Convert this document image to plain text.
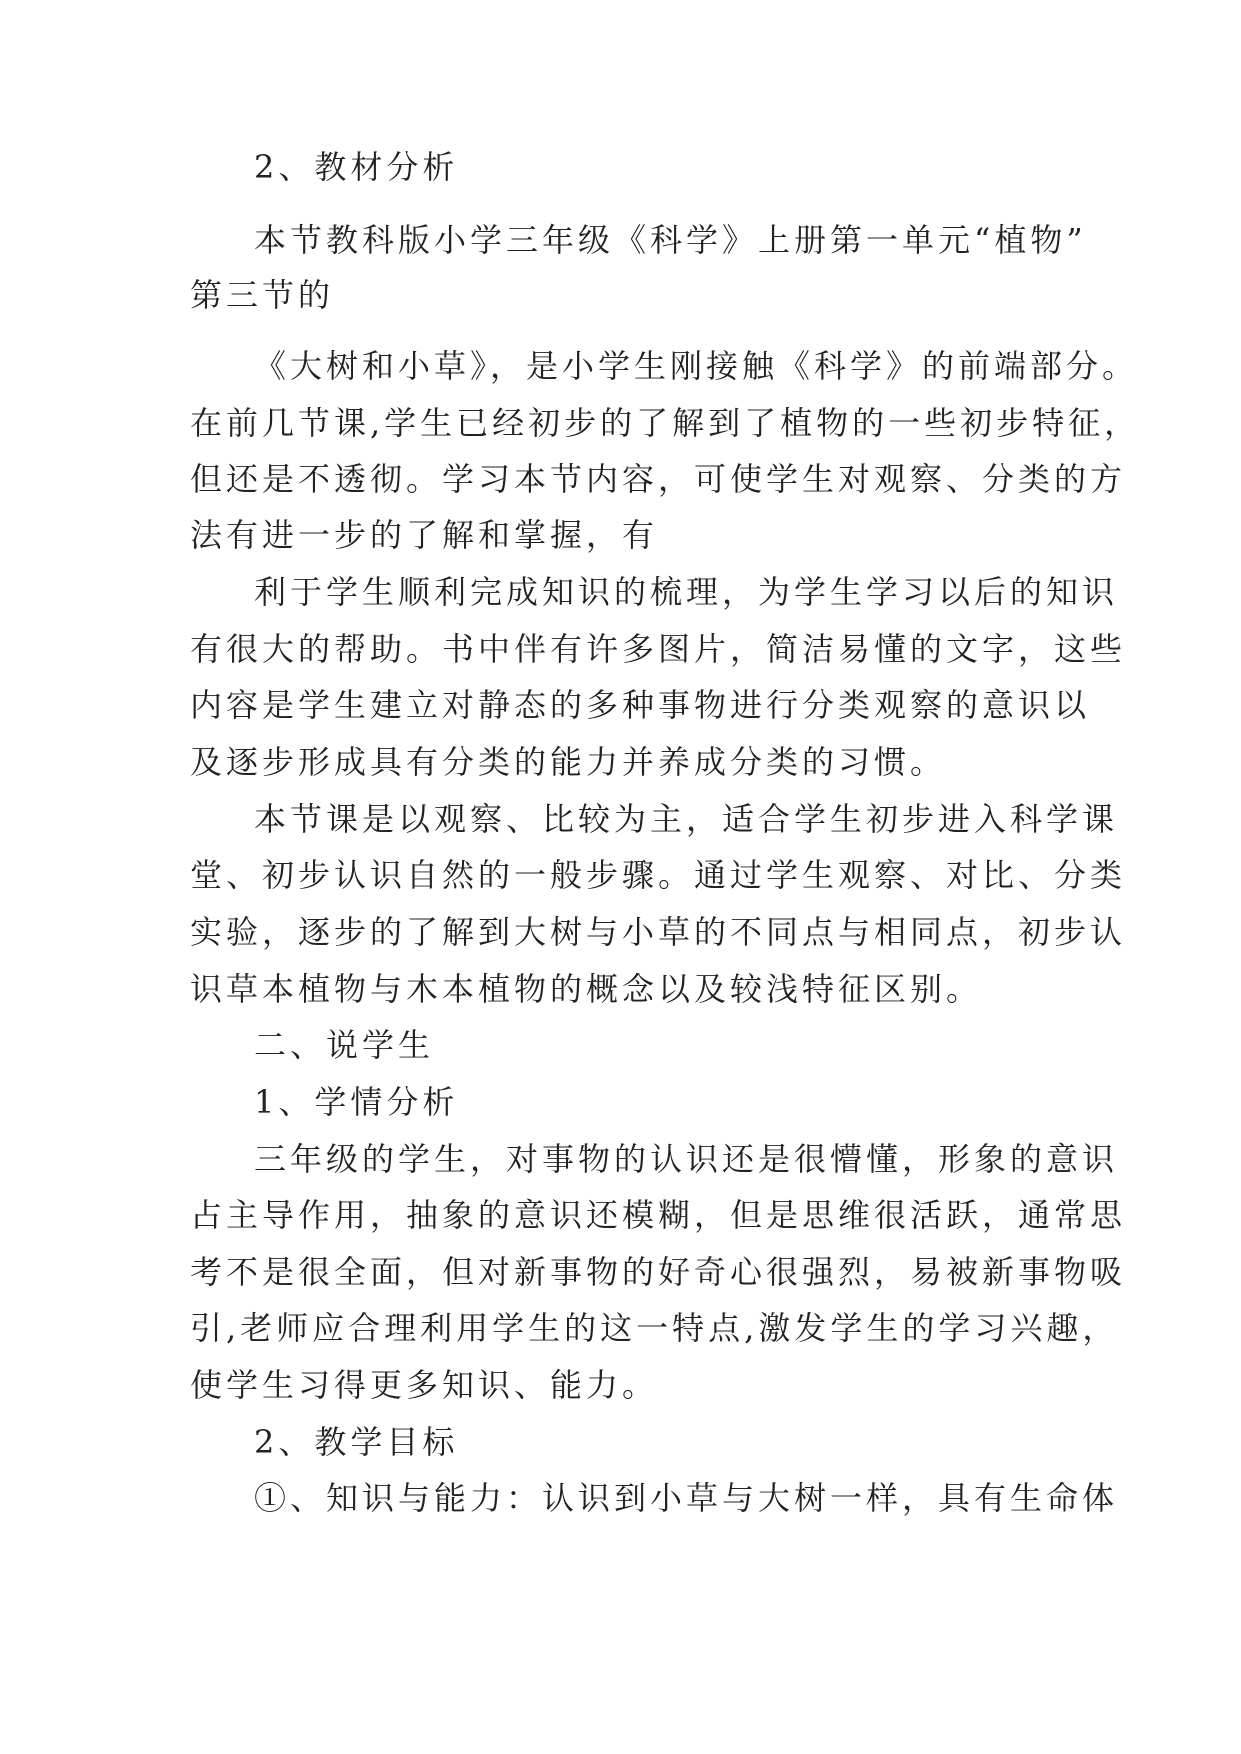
2、教材分析
本节教科版小学三年级《科学》上册第一单元“植物”
第三节的
《大树和小草》，是小学生刚接触《科学》的前端部分。
在前几节课,学生已经初步的了解到了植物的一些初步特征，
但还是不透彻。学习本节内容，可使学生对观察、分类的方
法有进一步的了解和掌握，有
利于学生顺利完成知识的梳理，为学生学习以后的知识
有很大的帮助。书中伴有许多图片，简洁易懂的文字，这些
内容是学生建立对静态的多种事物进行分类观察的意识以
及逐步形成具有分类的能力并养成分类的习惯。
本节课是以观察、比较为主，适合学生初步进入科学课
堂、初步认识自然的一般步骤。通过学生观察、对比、分类
实验，逐步的了解到大树与小草的不同点与相同点，初步认
识草本植物与木本植物的概念以及较浅特征区别。
二、说学生
1、学情分析
三年级的学生，对事物的认识还是很懵懂，形象的意识
占主导作用，抽象的意识还模糊，但是思维很活跃，通常思
考不是很全面，但对新事物的好奇心很强烈，易被新事物吸
引,老师应合理利用学生的这一特点,激发学生的学习兴趣，
使学生习得更多知识、能力。
2、教学目标
①、知识与能力：认识到小草与大树一样，具有生命体
